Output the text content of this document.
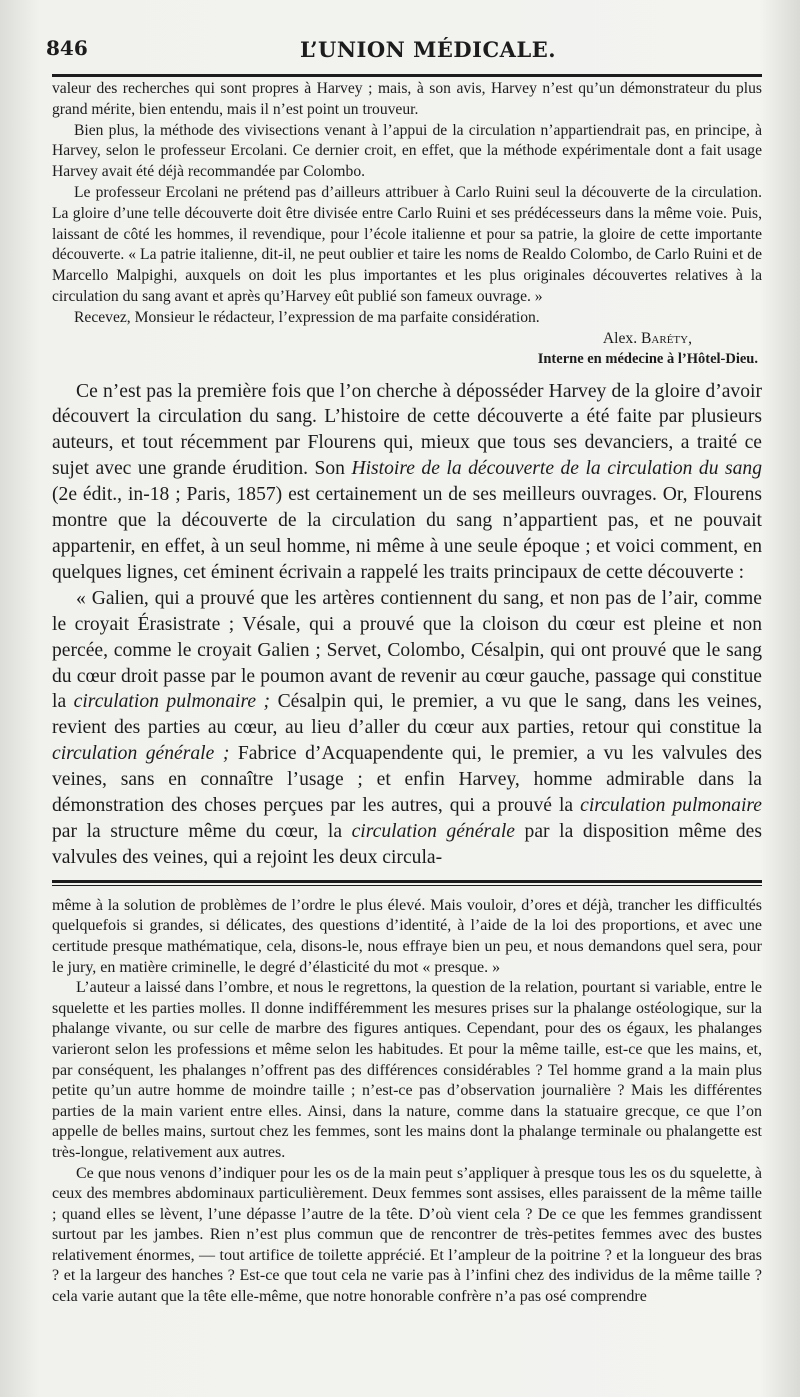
846	L’UNION MÉDICALE.

valeur des recherches qui sont propres à Harvey ; mais, à son avis, Harvey n’est qu’un démonstrateur du plus grand mérite, bien entendu, mais il n’est point un trouveur.

Bien plus, la méthode des vivisections venant à l’appui de la circulation n’appartiendrait pas, en principe, à Harvey, selon le professeur Ercolani. Ce dernier croit, en effet, que la méthode expérimentale dont a fait usage Harvey avait été déjà recommandée par Colombo.

Le professeur Ercolani ne prétend pas d’ailleurs attribuer à Carlo Ruini seul la découverte de la circulation. La gloire d’une telle découverte doit être divisée entre Carlo Ruini et ses prédécesseurs dans la même voie. Puis, laissant de côté les hommes, il revendique, pour l’école italienne et pour sa patrie, la gloire de cette importante découverte. « La patrie italienne, dit-il, ne peut oublier et taire les noms de Realdo Colombo, de Carlo Ruini et de Marcello Malpighi, auxquels on doit les plus importantes et les plus originales découvertes relatives à la circulation du sang avant et après qu’Harvey eût publié son fameux ouvrage. »

Recevez, Monsieur le rédacteur, l’expression de ma parfaite considération.

Alex. Baréty,

Interne en médecine à l’Hôtel-Dieu.

Ce n’est pas la première fois que l’on cherche à déposséder Harvey de la gloire d’avoir découvert la circulation du sang. L’histoire de cette découverte a été faite par plusieurs auteurs, et tout récemment par Flourens qui, mieux que tous ses devanciers, a traité ce sujet avec une grande érudition. Son Histoire de la découverte de la circulation du sang (2e édit., in-18 ; Paris, 1857) est certainement un de ses meilleurs ouvrages. Or, Flourens montre que la découverte de la circulation du sang n’appartient pas, et ne pouvait appartenir, en effet, à un seul homme, ni même à une seule époque ; et voici comment, en quelques lignes, cet éminent écrivain a rappelé les traits principaux de cette découverte :

« Galien, qui a prouvé que les artères contiennent du sang, et non pas de l’air, comme le croyait Érasistrate ; Vésale, qui a prouvé que la cloison du cœur est pleine et non percée, comme le croyait Galien ; Servet, Colombo, Césalpin, qui ont prouvé que le sang du cœur droit passe par le poumon avant de revenir au cœur gauche, passage qui constitue la circulation pulmonaire ; Césalpin qui, le premier, a vu que le sang, dans les veines, revient des parties au cœur, au lieu d’aller du cœur aux parties, retour qui constitue la circulation générale ; Fabrice d’Acquapendente qui, le premier, a vu les valvules des veines, sans en connaître l’usage ; et enfin Harvey, homme admirable dans la démonstration des choses perçues par les autres, qui a prouvé la circulation pulmonaire par la structure même du cœur, la circulation générale par la disposition même des valvules des veines, qui a rejoint les deux circula-

même à la solution de problèmes de l’ordre le plus élevé. Mais vouloir, d’ores et déjà, trancher les difficultés quelquefois si grandes, si délicates, des questions d’identité, à l’aide de la loi des proportions, et avec une certitude presque mathématique, cela, disons-le, nous effraye bien un peu, et nous demandons quel sera, pour le jury, en matière criminelle, le degré d’élasticité du mot « presque. »

L’auteur a laissé dans l’ombre, et nous le regrettons, la question de la relation, pourtant si variable, entre le squelette et les parties molles. Il donne indifféremment les mesures prises sur la phalange ostéologique, sur la phalange vivante, ou sur celle de marbre des figures antiques. Cependant, pour des os égaux, les phalanges varieront selon les professions et même selon les habitudes. Et pour la même taille, est-ce que les mains, et, par conséquent, les phalanges n’offrent pas des différences considérables ? Tel homme grand a la main plus petite qu’un autre homme de moindre taille ; n’est-ce pas d’observation journalière ? Mais les différentes parties de la main varient entre elles. Ainsi, dans la nature, comme dans la statuaire grecque, ce que l’on appelle de belles mains, surtout chez les femmes, sont les mains dont la phalange terminale ou phalangette est très-longue, relativement aux autres.

Ce que nous venons d’indiquer pour les os de la main peut s’appliquer à presque tous les os du squelette, à ceux des membres abdominaux particulièrement. Deux femmes sont assises, elles paraissent de la même taille ; quand elles se lèvent, l’une dépasse l’autre de la tête. D’où vient cela ? De ce que les femmes grandissent surtout par les jambes. Rien n’est plus commun que de rencontrer de très-petites femmes avec des bustes relativement énormes, — tout artifice de toilette apprécié. Et l’ampleur de la poitrine ? et la longueur des bras ? et la largeur des hanches ? Est-ce que tout cela ne varie pas à l’infini chez des individus de la même taille ? cela varie autant que la tête elle-même, que notre honorable confrère n’a pas osé comprendre
